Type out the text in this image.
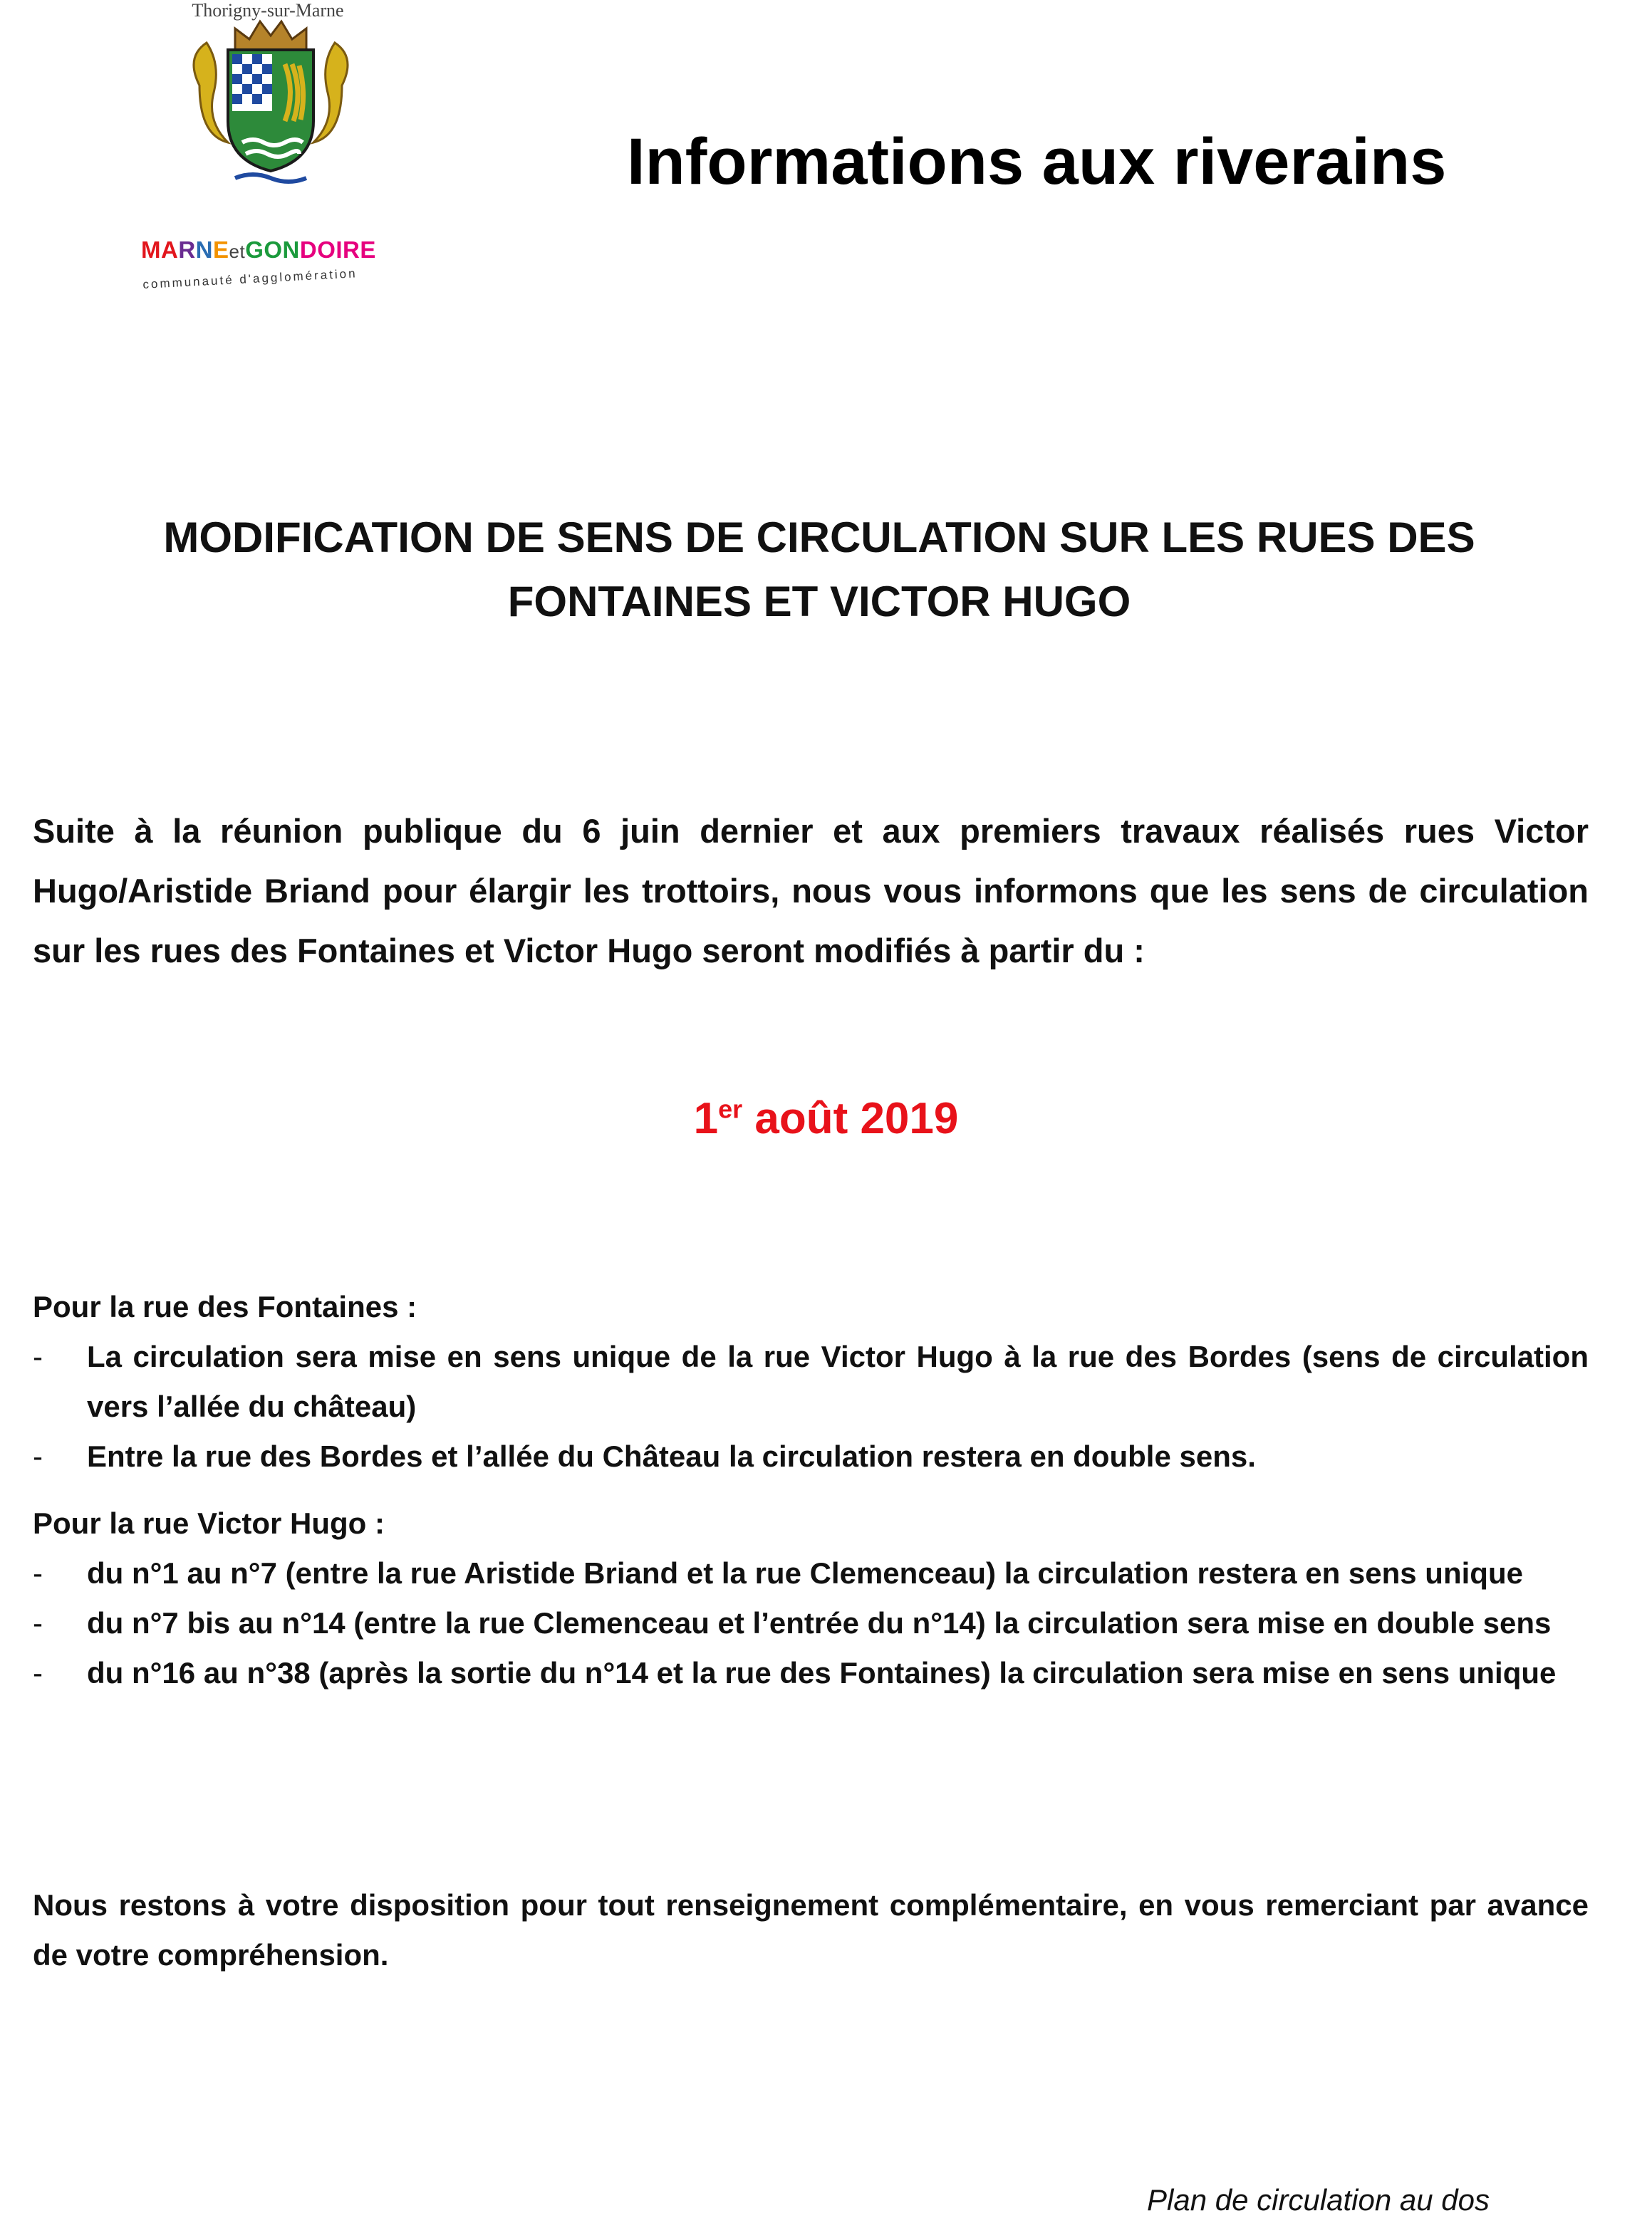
Thorigny-sur-Marne
MARNEetGONDOIRE
communauté d'agglomération
Informations aux riverains
MODIFICATION DE SENS DE CIRCULATION SUR LES RUES DES
FONTAINES ET VICTOR HUGO
Suite à la réunion publique du 6 juin dernier et aux premiers travaux réalisés rues Victor Hugo/Aristide Briand pour élargir les trottoirs, nous vous informons que les sens de circulation sur les rues des Fontaines et Victor Hugo seront modifiés à partir du :
1er août 2019
Pour la rue des Fontaines :
- La circulation sera mise en sens unique de la rue Victor Hugo à la rue des Bordes (sens de circulation vers l’allée du château)
- Entre la rue des Bordes et l’allée du Château la circulation restera en double sens.
Pour la rue Victor Hugo :
- du n°1 au n°7 (entre la rue Aristide Briand et la rue Clemenceau) la circulation restera en sens unique
- du n°7 bis au n°14 (entre la rue Clemenceau et l’entrée du n°14) la circulation sera mise en double sens
- du n°16 au n°38 (après la sortie du n°14 et la rue des Fontaines) la circulation sera mise en sens unique
Nous restons à votre disposition pour tout renseignement complémentaire, en vous remerciant par avance de votre compréhension.
Plan de circulation au dos
